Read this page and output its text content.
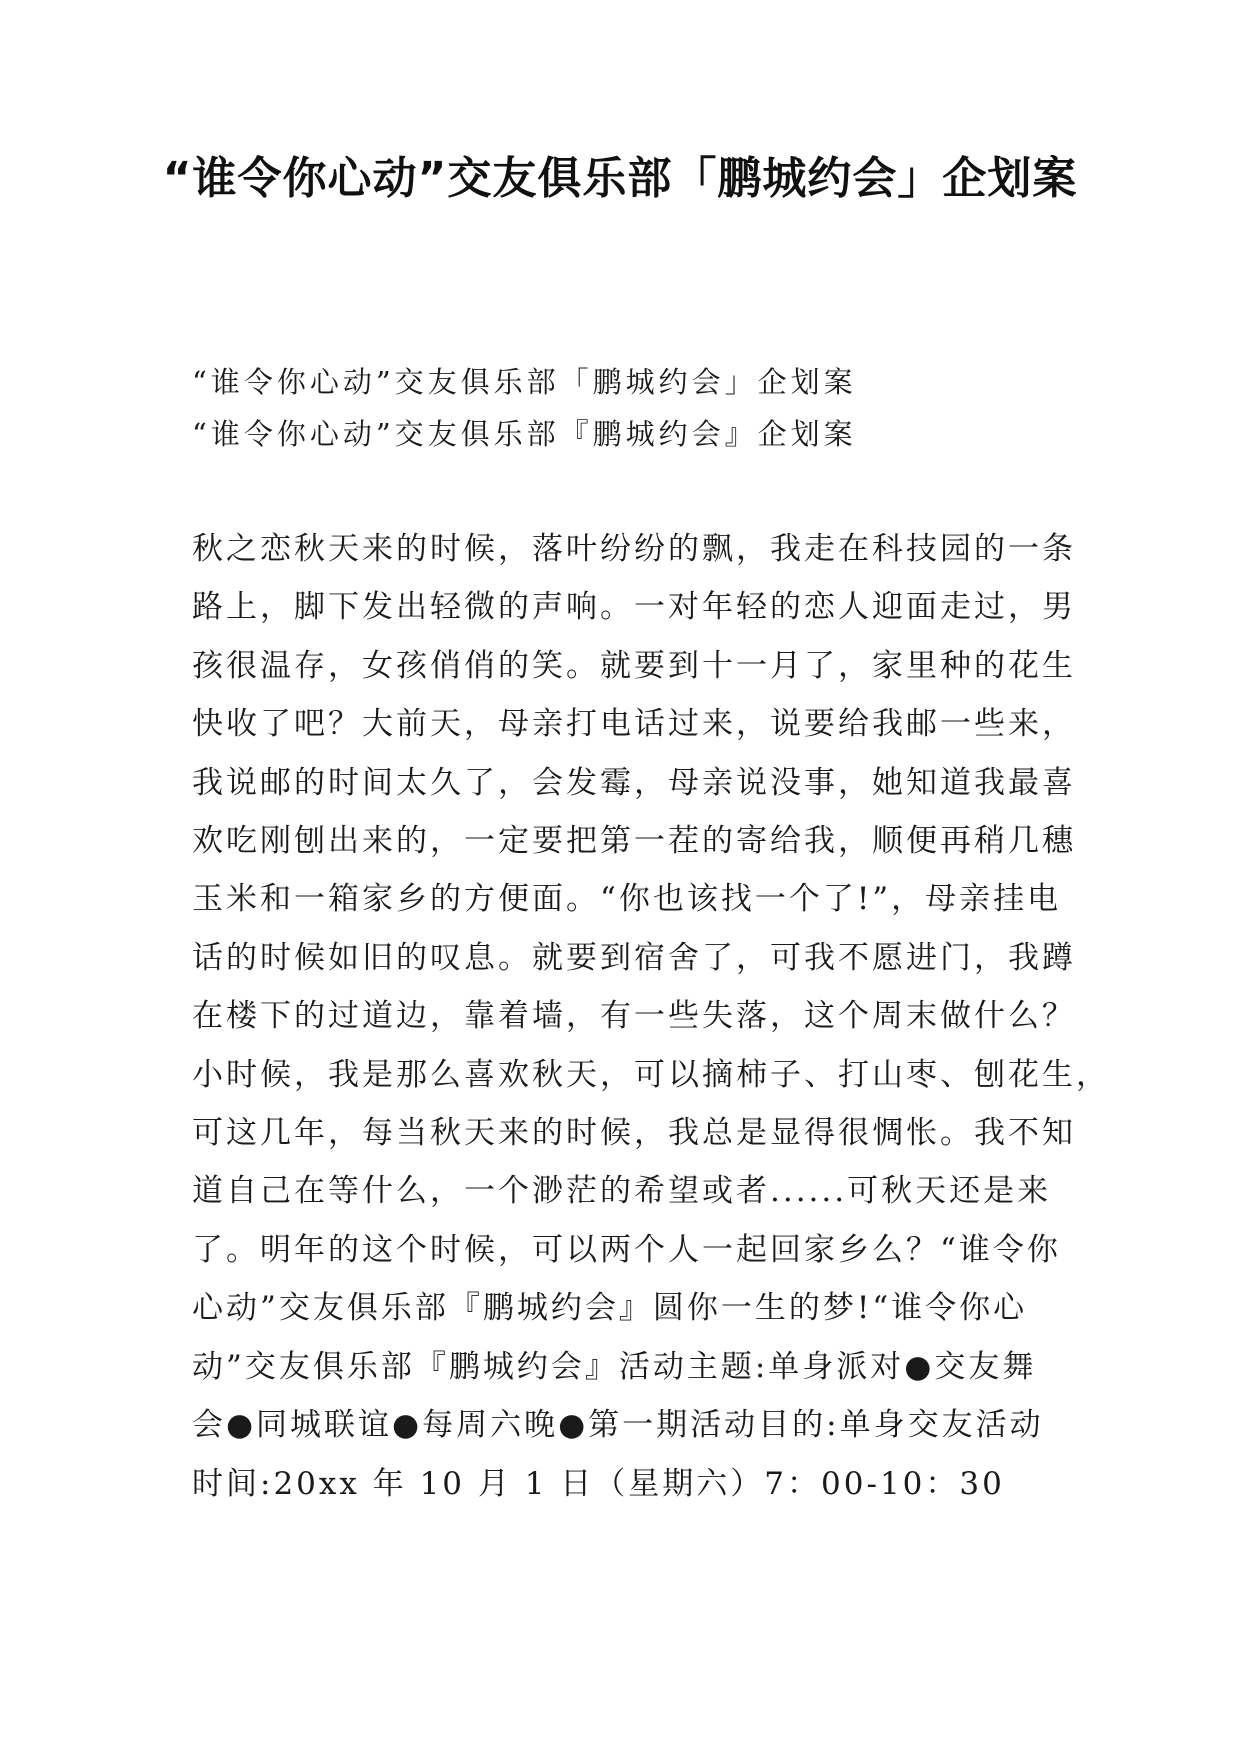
“谁令你心动”交友俱乐部「鹏城约会」企划案
“谁令你心动”交友俱乐部「鹏城约会」企划案
“谁令你心动”交友俱乐部『鹏城约会』企划案
秋之恋秋天来的时候，落叶纷纷的飘，我走在科技园的一条
路上，脚下发出轻微的声响。一对年轻的恋人迎面走过，男
孩很温存，女孩俏俏的笑。就要到十一月了，家里种的花生
快收了吧？大前天，母亲打电话过来，说要给我邮一些来，
我说邮的时间太久了，会发霉，母亲说没事，她知道我最喜
欢吃刚刨出来的，一定要把第一茬的寄给我，顺便再稍几穗
玉米和一箱家乡的方便面。“你也该找一个了!”，母亲挂电
话的时候如旧的叹息。就要到宿舍了，可我不愿进门，我蹲
在楼下的过道边，靠着墙，有一些失落，这个周末做什么？
小时候，我是那么喜欢秋天，可以摘柿子、打山枣、刨花生，
可这几年，每当秋天来的时候，我总是显得很惆怅。我不知
道自己在等什么，一个渺茫的希望或者......可秋天还是来
了。明年的这个时候，可以两个人一起回家乡么？“谁令你
心动”交友俱乐部『鹏城约会』圆你一生的梦!“谁令你心
动”交友俱乐部『鹏城约会』活动主题:单身派对●交友舞
会●同城联谊●每周六晚●第一期活动目的:单身交友活动
时间:20xx 年 10 月 1 日（星期六）7：00-10：30
